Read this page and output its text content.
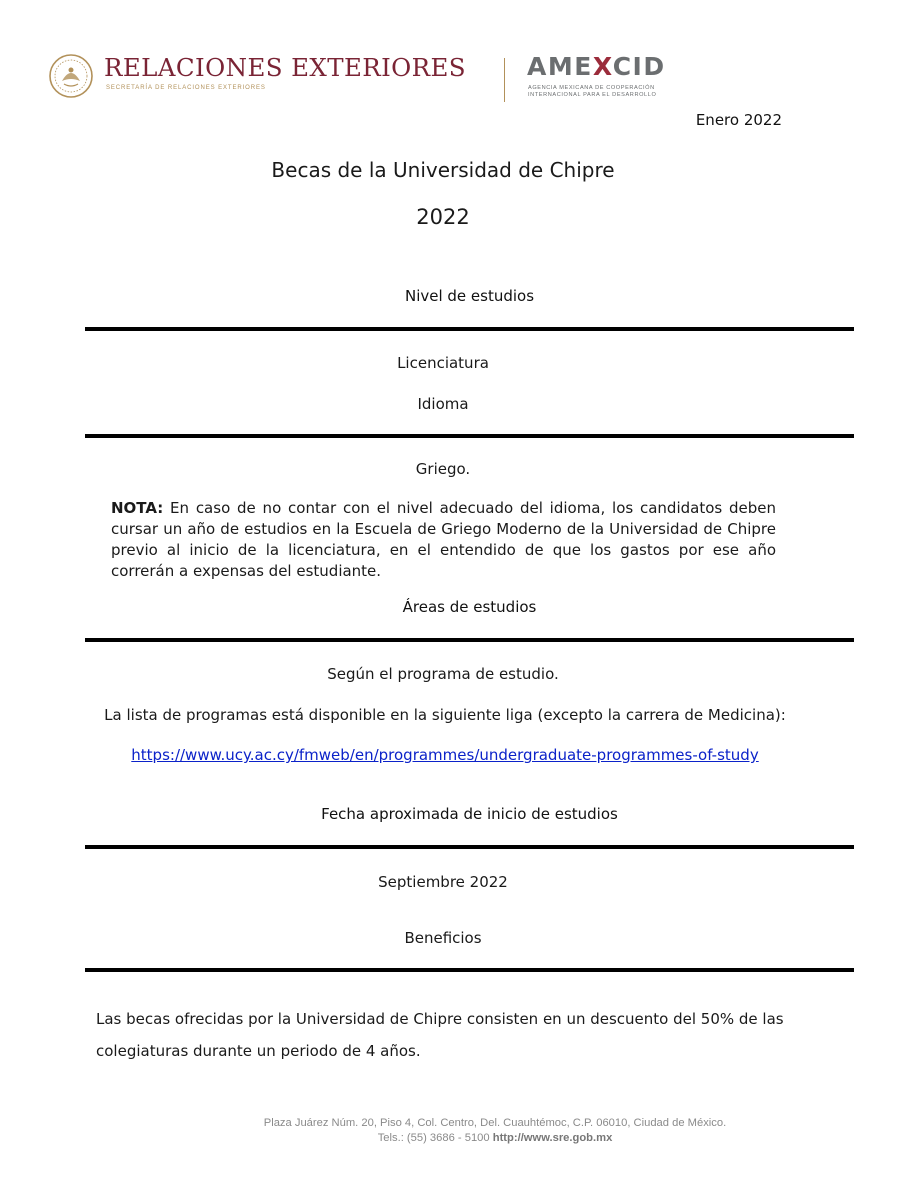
RELACIONES EXTERIORES
SECRETARÍA DE RELACIONES EXTERIORES
AMEXCID
AGENCIA MEXICANA DE COOPERACIÓN
INTERNACIONAL PARA EL DESARROLLO
Enero 2022
Becas de la Universidad de Chipre
2022
Nivel de estudios
Licenciatura
Idioma
Griego.
NOTA: En caso de no contar con el nivel adecuado del idioma, los candidatos deben cursar un año de estudios en la Escuela de Griego Moderno de la Universidad de Chipre previo al inicio de la licenciatura, en el entendido de que los gastos por ese año correrán a expensas del estudiante.
Áreas de estudios
Según el programa de estudio.
La lista de programas está disponible en la siguiente liga (excepto la carrera de Medicina):
https://www.ucy.ac.cy/fmweb/en/programmes/undergraduate-programmes-of-study
Fecha aproximada de inicio de estudios
Septiembre 2022
Beneficios
Las becas ofrecidas por la Universidad de Chipre consisten en un descuento del 50% de las colegiaturas durante un periodo de 4 años.
Plaza Juárez Núm. 20, Piso 4, Col. Centro, Del. Cuauhtémoc, C.P. 06010, Ciudad de México.
Tels.: (55) 3686 - 5100 http://www.sre.gob.mx
